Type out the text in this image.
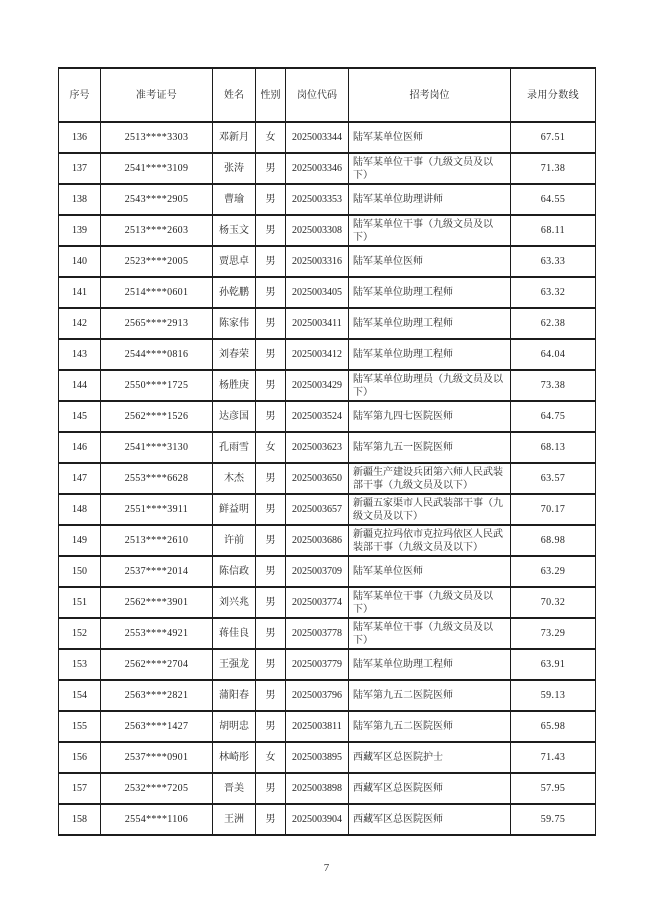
序号	准考证号	姓名	性别	岗位代码	招考岗位	录用分数线
136	2513****3303	邓新月	女	2025003344	陆军某单位医师	67.51
137	2541****3109	张涛	男	2025003346	陆军某单位干事（九级文员及以下）	71.38
138	2543****2905	曹瑜	男	2025003353	陆军某单位助理讲师	64.55
139	2513****2603	杨玉文	男	2025003308	陆军某单位干事（九级文员及以下）	68.11
140	2523****2005	贾思卓	男	2025003316	陆军某单位医师	63.33
141	2514****0601	孙乾鹏	男	2025003405	陆军某单位助理工程师	63.32
142	2565****2913	陈家伟	男	2025003411	陆军某单位助理工程师	62.38
143	2544****0816	刘春荣	男	2025003412	陆军某单位助理工程师	64.04
144	2550****1725	杨胜庚	男	2025003429	陆军某单位助理员（九级文员及以下）	73.38
145	2562****1526	达彦国	男	2025003524	陆军第九四七医院医师	64.75
146	2541****3130	孔雨雪	女	2025003623	陆军第九五一医院医师	68.13
147	2553****6628	木杰	男	2025003650	新疆生产建设兵团第六师人民武装部干事（九级文员及以下）	63.57
148	2551****3911	鲜益明	男	2025003657	新疆五家渠市人民武装部干事（九级文员及以下）	70.17
149	2513****2610	许前	男	2025003686	新疆克拉玛依市克拉玛依区人民武装部干事（九级文员及以下）	68.98
150	2537****2014	陈信政	男	2025003709	陆军某单位医师	63.29
151	2562****3901	刘兴兆	男	2025003774	陆军某单位干事（九级文员及以下）	70.32
152	2553****4921	蒋佳良	男	2025003778	陆军某单位干事（九级文员及以下）	73.29
153	2562****2704	王强龙	男	2025003779	陆军某单位助理工程师	63.91
154	2563****2821	蒲阳春	男	2025003796	陆军第九五二医院医师	59.13
155	2563****1427	胡明忠	男	2025003811	陆军第九五二医院医师	65.98
156	2537****0901	林崎彤	女	2025003895	西藏军区总医院护士	71.43
157	2532****7205	晋美	男	2025003898	西藏军区总医院医师	57.95
158	2554****1106	王洲	男	2025003904	西藏军区总医院医师	59.75
7
